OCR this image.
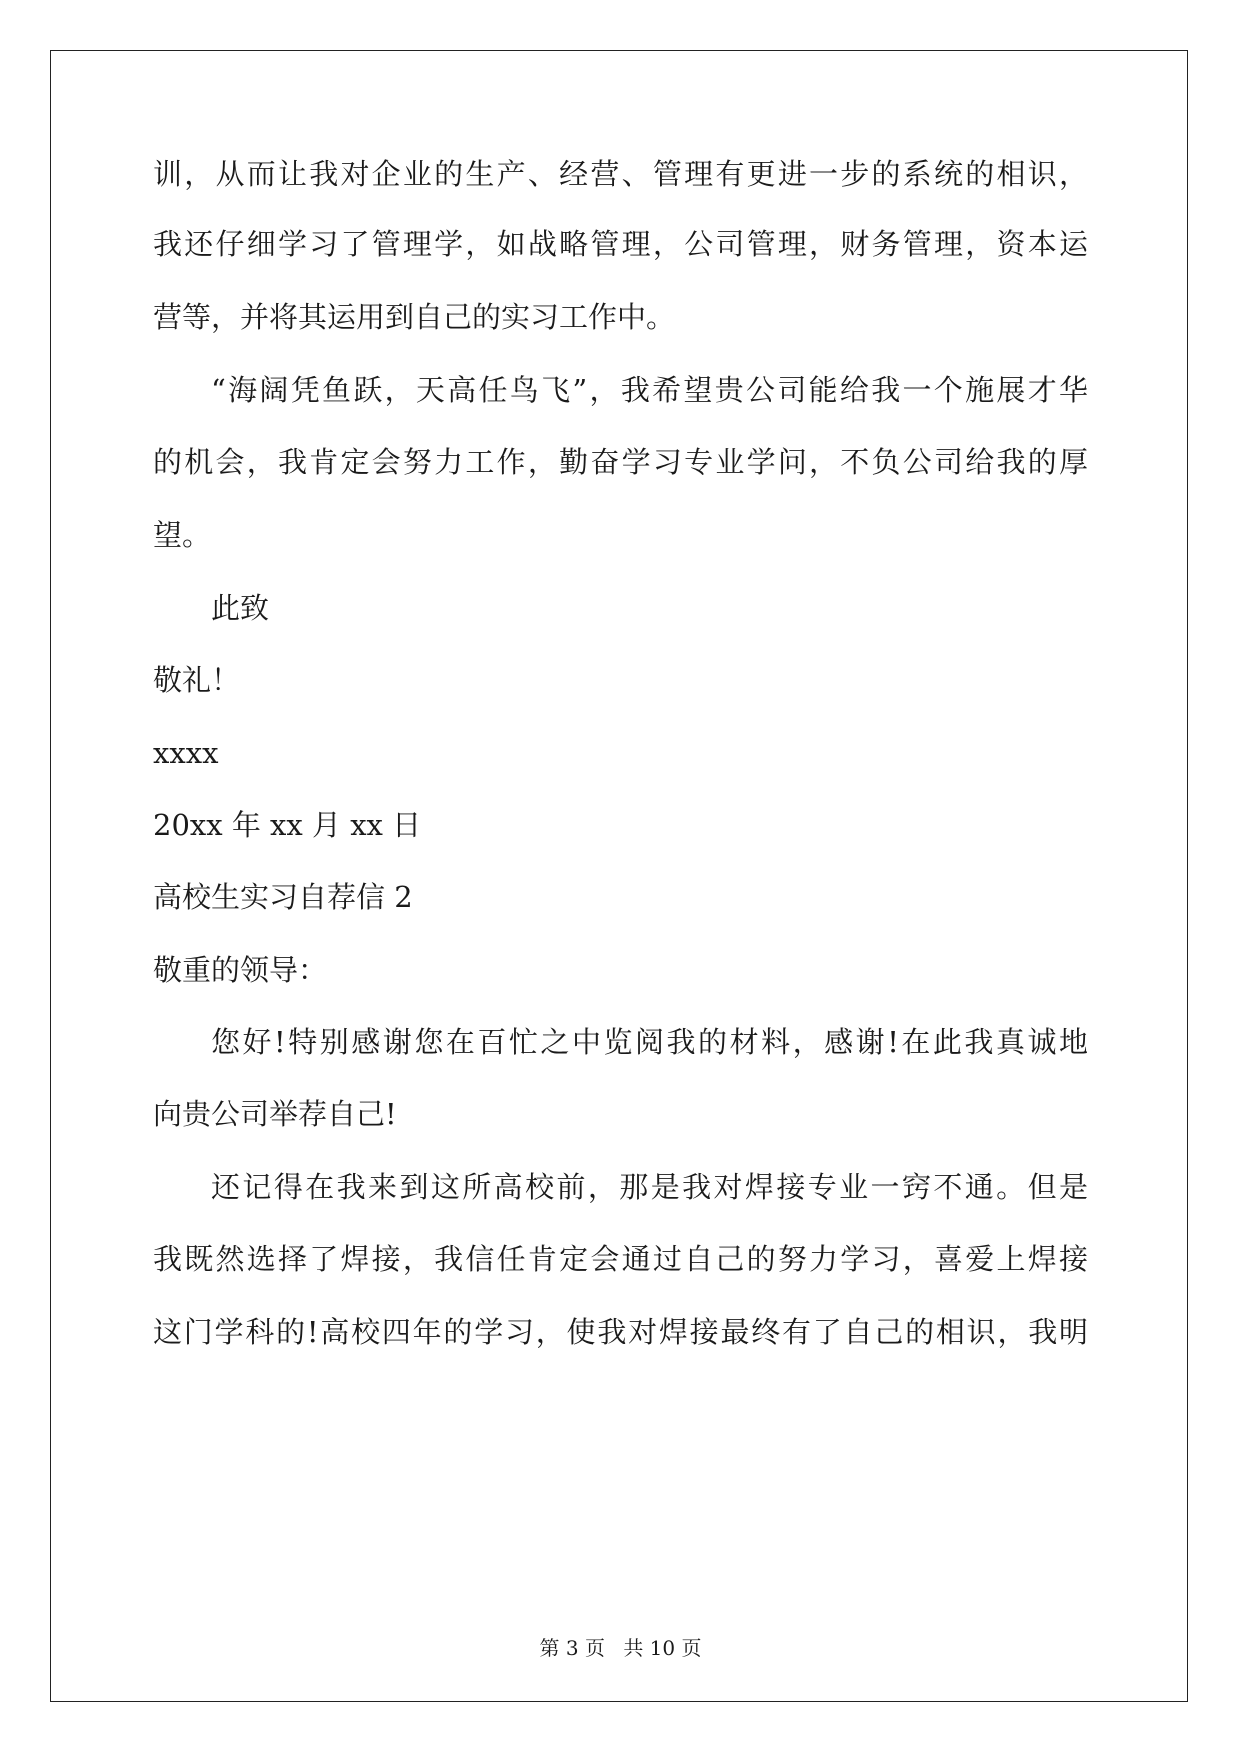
训，从而让我对企业的生产、经营、管理有更进一步的系统的相识，
我还仔细学习了管理学，如战略管理，公司管理，财务管理，资本运
营等，并将其运用到自己的实习工作中。
“海阔凭鱼跃，天高任鸟飞”，我希望贵公司能给我一个施展才华
的机会，我肯定会努力工作，勤奋学习专业学问，不负公司给我的厚
望。
此致
敬礼！
xxxx
20xx 年 xx 月 xx 日
高校生实习自荐信 2
敬重的领导：
您好!特别感谢您在百忙之中览阅我的材料，感谢!在此我真诚地
向贵公司举荐自己!
还记得在我来到这所高校前，那是我对焊接专业一窍不通。但是
我既然选择了焊接，我信任肯定会通过自己的努力学习，喜爱上焊接
这门学科的!高校四年的学习，使我对焊接最终有了自己的相识，我明
第 3 页 共 10 页
